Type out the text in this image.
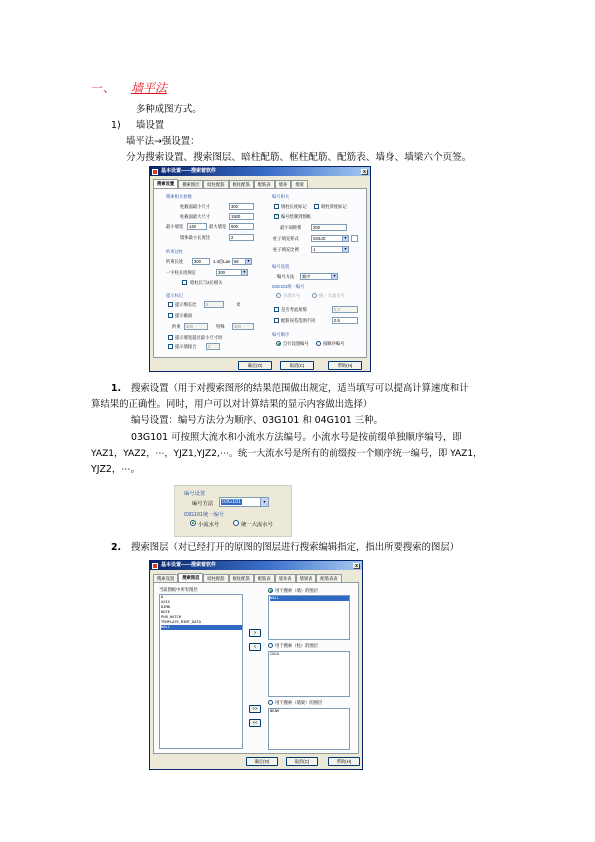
一、 墙平法
多种成图方式。
1) 墙设置
墙平法→强设置：
分为搜索设置、搜索图层、暗柱配筋、框柱配筋、配筋表、墙身、墙梁六个页签。
基本设置——搜索着软件	x
搜索设置	搜索图层	暗柱配筋	框柱配筋	配筋表	墙身	墙梁
搜索相关参数
柱截面最小尺寸	300
柱截面最大尺寸	1500
最小墙宽	140	最大墙宽	600
墙体最小长度比	2
约束边柱
约束长度	300	1.4倍Lae 56	▼
一字柱长度规定	300	▼
暗柱长与2长相关
提示标记
提示细长比	5	米
提示截面
约束	200	特殊	300
提示墙宽超过最小尺寸时
提示墙接合	3
编号相关
墙柱长度标记	暗柱厚度标记
✓
编号绘制到图纸
最小间距系	200
柱子填充样式	SOLID	▼
柱子填充比例	1	▼
编号设置
编号方法	顺序	▼
03G101统一编号
小流水号	统一大流水号
是否考虑加筋	0.3
配筋误差范围不同	0.5
编号顺序
自行设置编号	按顺序编号
确定(O)	取消(C)	帮助(H)
1. 搜索设置（用于对搜索图形的结果范围做出规定，适当填写可以提高计算速度和计
算结果的正确性。同时，用户可以对计算结果的显示内容做出选择）
编号设置：编号方法分为顺序、03G101 和 04G101 三种。
03G101 可按照大流水和小流水方法编号。小流水号是按前缀单独顺序编号，即
YAZ1，YAZ2，⋯，YJZ1,YJZ2,⋯。统一大流水号是所有的前缀按一个顺序统一编号，即 YAZ1，
YJZ2，⋯。
编号设置
编号方法	03G101	▼
03G101统一编号
小流水号	统一大流水号
2. 搜索图层（对已经打开的原图的图层进行搜索编辑指定，指出所要搜索的图层）
基本设置——搜索着软件	x
搜索设置	搜索图层	暗柱配筋	框柱配筋	配筋表	墙身表	墙梁表	配筋表表
当前图纸中所有图层
0
AXIS
DIMN
DOTE
PUB_HATCH
TEMPLATE_MINT_DATA
WALL
>
<
>>
<<
用于搜索（墙）的图层
WALL
用于搜索（柱）的图层
COLU
用于搜索（墙梁）的图层
BEAM
确定(O)	取消(C)	帮助(H)
